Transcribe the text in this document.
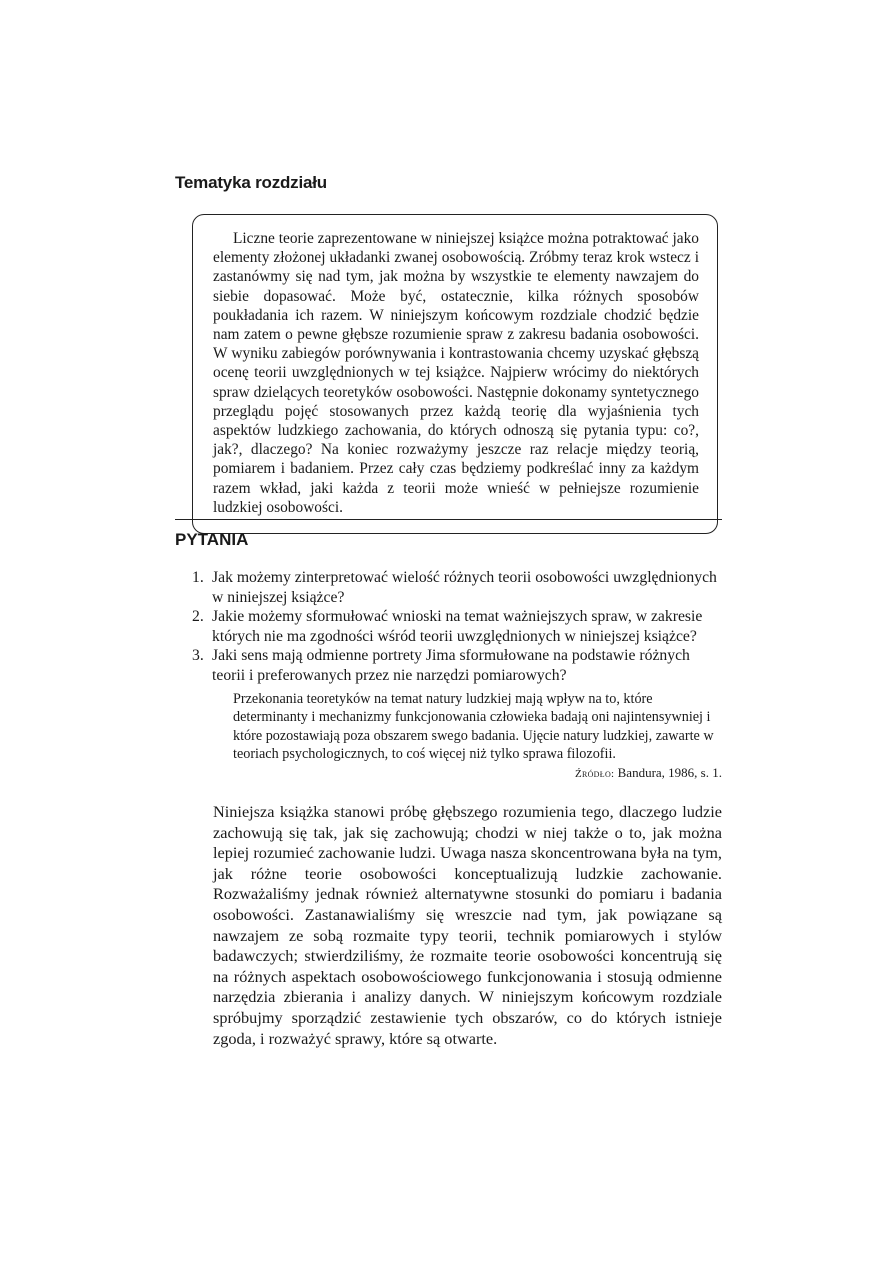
Tematyka rozdziału

Liczne teorie zaprezentowane w niniejszej książce można potraktować jako elementy złożonej układanki zwanej osobowością. Zróbmy teraz krok wstecz i zastanówmy się nad tym, jak można by wszystkie te elementy nawzajem do siebie dopasować. Może być, ostatecznie, kilka różnych sposobów poukładania ich razem. W niniejszym końcowym rozdziale chodzić będzie nam zatem o pewne głębsze rozumienie spraw z zakresu badania osobowości. W wyniku zabiegów porównywania i kontrastowania chcemy uzyskać głębszą ocenę teorii uwzględnionych w tej książce. Najpierw wrócimy do niektórych spraw dzielących teoretyków osobowości. Następnie dokonamy syntetycznego przeglądu pojęć stosowanych przez każdą teorię dla wyjaśnienia tych aspektów ludzkiego zachowania, do których odnoszą się pytania typu: co?, jak?, dlaczego? Na koniec rozważymy jeszcze raz relacje między teorią, pomiarem i badaniem. Przez cały czas będziemy podkreślać inny za każdym razem wkład, jaki każda z teorii może wnieść w pełniejsze rozumienie ludzkiej osobowości.

PYTANIA
1. Jak możemy zinterpretować wielość różnych teorii osobowości uwzględnionych w niniejszej książce?
2. Jakie możemy sformułować wnioski na temat ważniejszych spraw, w zakresie których nie ma zgodności wśród teorii uwzględnionych w niniejszej książce?
3. Jaki sens mają odmienne portrety Jima sformułowane na podstawie różnych teorii i preferowanych przez nie narzędzi pomiarowych?

Przekonania teoretyków na temat natury ludzkiej mają wpływ na to, które determinanty i mechanizmy funkcjonowania człowieka badają oni najintensywniej i które pozostawiają poza obszarem swego badania. Ujęcie natury ludzkiej, zawarte w teoriach psychologicznych, to coś więcej niż tylko sprawa filozofii.

Źródło: Bandura, 1986, s. 1.

Niniejsza książka stanowi próbę głębszego rozumienia tego, dlaczego ludzie zachowują się tak, jak się zachowują; chodzi w niej także o to, jak można lepiej rozumieć zachowanie ludzi. Uwaga nasza skoncentrowana była na tym, jak różne teorie osobowości konceptualizują ludzkie zachowanie. Rozważaliśmy jednak również alternatywne stosunki do pomiaru i badania osobowości. Zastanawialiśmy się wreszcie nad tym, jak powiązane są nawzajem ze sobą rozmaite typy teorii, technik pomiarowych i stylów badawczych; stwierdziliśmy, że rozmaite teorie osobowości koncentrują się na różnych aspektach osobowościowego funkcjonowania i stosują odmienne narzędzia zbierania i analizy danych. W niniejszym końcowym rozdziale spróbujmy sporządzić zestawienie tych obszarów, co do których istnieje zgoda, i rozważyć sprawy, które są otwarte.
